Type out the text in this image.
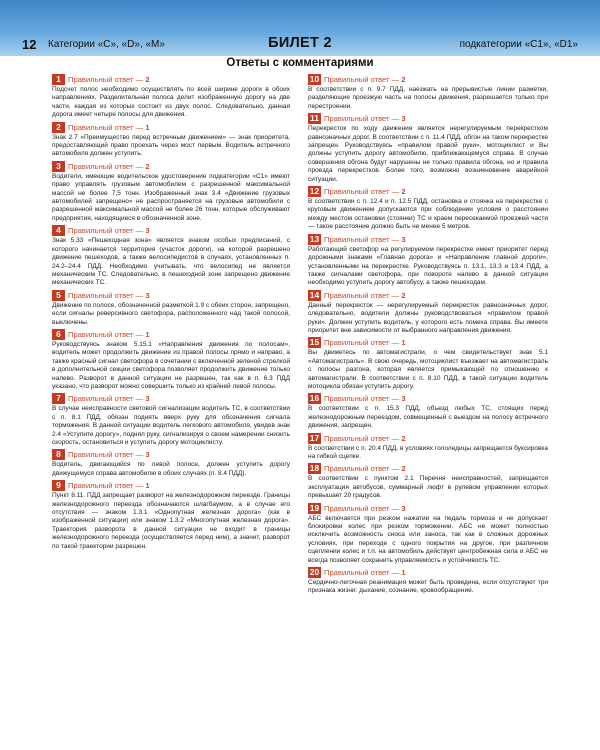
12 Категории «C», «D», «M»	БИЛЕТ 2	подкатегории «C1», «D1»
Ответы с комментариями
1 $^{Правильный ответ — 2}$

Подсчет полос необходимо осуществлять по всей ширине дороги в обоих направлениях. Разделительная полоса делит изображенную дорогу на две части, каждая из которых состоит из двух полос. Следовательно, данная дорога имеет четыре полосы для движения.

2 $^{Правильный ответ — 1}$

Знак 2.7 «Преимущество перед встречным движением» — знак приоритета, предоставляющий право проехать через мост первым. Водитель встречного автомобиля должен уступить.

3 $^{Правильный ответ — 2}$

Водители, имеющие водительское удостоверение подкатегории «C1» имеют право управлять грузовым автомобилем с разрешенной максимальной массой не более 7,5 тонн. Изображенный знак 3.4 «Движение грузовых автомобилей запрещено» не распространяется на грузовые автомобили с разрешенной максимальной массой не более 26 тонн, которые обслуживают предприятия, находящиеся в обозначенной зоне.

4 $^{Правильный ответ — 3}$

Знак 5.33 «Пешеходная зона» является знаком особых предписаний, с которого начинается территория (участок дороги), на которой разрешено движение пешеходов, а также велосипедистов в случаях, установленных п. 24.2–24.4 ПДД. Необходимо учитывать, что велосипед не является механическим ТС. Следовательно, в пешеходной зоне запрещено движение механических ТС.

5 $^{Правильный ответ — 3}$

Движение по полосе, обозначенной разметкой 1.9 с обеих сторон, запрещено, если сигналы реверсивного светофора, расположенного над такой полосой, выключены.

6 $^{Правильный ответ — 1}$

Руководствуясь знаком 5.15.1 «Направления движения по полосам», водитель может продолжить движение из правой полосы прямо и направо, а также красный сигнал светофора в сочетании с включенной зеленой стрелкой в дополнительной секции светофора позволяет продолжить движение только налево. Разворот в данной ситуации не разрешен, так как в п. 6.3 ПДД указано, что разворот можно совершить только из крайней левой полосы.

7 $^{Правильный ответ — 3}$

В случае неисправности световой сигнализации водитель ТС, в соответствии с п. 8.1 ПДД, обязан поднять вверх руку для обозначения сигнала торможения. В данной ситуации водитель легкового автомобиля, увидев знак 2.4 «Уступите дорогу», поднял руку, сигнализируя о своем намерении снизить скорость, остановиться и уступить дорогу мотоциклисту.

8 $^{Правильный ответ — 3}$

Водитель, двигающийся по левой полосе, должен уступить дорогу движущемуся справа автомобилю в обоих случаях (п. 8.4 ПДД).

9 $^{Правильный ответ — 1}$

Пункт 8.11. ПДД запрещает разворот на железнодорожном переезде. Границы железнодорожного переезда обозначаются шлагбаумом, а в случае его отсутствия — знаком 1.3.1 «Однопутная железная дорога» (как в изображенной ситуации) или знаком 1.3.2 «Многопутная железная дорога». Траектория разворота в данной ситуации не входит в границы железнодорожного переезда (осуществляется перед ним), а значит, разворот по такой траектории разрешен.

10 $^{Правильный ответ — 2}$

В соответствии с п. 9.7 ПДД, наезжать на прерывистые линии разметки, разделяющие проезжую часть на полосы движения, разрешается только при перестроении.

11 $^{Правильный ответ — 3}$

Перекресток по ходу движения является нерегулируемым перекрестком равнозначных дорог. В соответствии с п. 11.4 ПДД, обгон на таком перекрестке запрещен. Руководствуясь «правилом правой руки», мотоциклист и Вы должны уступить дорогу автомобилю, приближающемуся справа. В случае совершения обгона будут нарушены не только правила обгона, но и правила проезда перекрестков. Более того, возможно возникновение аварийной ситуации.

12 $^{Правильный ответ — 2}$

В соответствии с п. 12.4 и п. 12.5 ПДД, остановка и стоянка на перекрестке с круговым движением допускаются при соблюдении условия о расстоянии между местом остановки (стоянки) ТС и краем пересекаемой проезжей части — такое расстояние должно быть не менее 5 метров.

13 $^{Правильный ответ — 3}$

Работающий светофор на регулируемом перекрестке имеет приоритет перед дорожными знаками «Главная дорога» и «Направление главной дороги», установленными на перекрестке. Руководствуясь п. 13.1, 13.3 и 13.4 ПДД, а также сигналами светофора, при повороте налево в данной ситуации необходимо уступить дорогу автобусу, а также пешеходам.

14 $^{Правильный ответ — 2}$

Данный перекресток — нерегулируемый перекресток равнозначных дорог, следовательно, водители должны руководствоваться «правилом правой руки». Должен уступить водитель, у которого есть помеха справа. Вы имеете приоритет вне зависимости от выбранного направления движения.

15 $^{Правильный ответ — 1}$

Вы движетесь по автомагистрали, о чем свидетельствует знак 5.1 «Автомагистраль». В свою очередь, мотоциклист въезжает на автомагистраль с полосы разгона, которая является примыкающей по отношению к автомагистрали. В соответствии с п. 8.10 ПДД, в такой ситуации водитель мотоцикла обязан уступить дорогу.

16 $^{Правильный ответ — 3}$

В соответствии с п. 15.3 ПДД, объезд любых ТС, стоящих перед железнодорожным переездом, совмещенный с выездом на полосу встречного движения, запрещен.

17 $^{Правильный ответ — 2}$

В соответствии с п. 20.4 ПДД, в условиях гололедицы запрещается буксировка на гибкой сцепке.

18 $^{Правильный ответ — 2}$

В соответствии с пунктом 2.1 Перечня неисправностей, запрещается эксплуатация автобусов, суммарный люфт в рулевом управлении которых превышает 20 градусов.

19 $^{Правильный ответ — 3}$

АБС включается при резком нажатии на педаль тормоза и не допускает блокировки колес при резком торможении. АБС не может полностью исключить возможность сноса или заноса, так как в сложных дорожных условиях, при переходе с одного покрытия на другое, при различном сцеплении колес и т.п. на автомобиль действует центробежная сила и АБС не всегда позволяет сохранить управляемость и устойчивость ТС.

20 $^{Правильный ответ — 1}$

Сердечно-легочная реанимация может быть проведена, если отсутствуют три признака жизни: дыхание, сознание, кровообращение.
